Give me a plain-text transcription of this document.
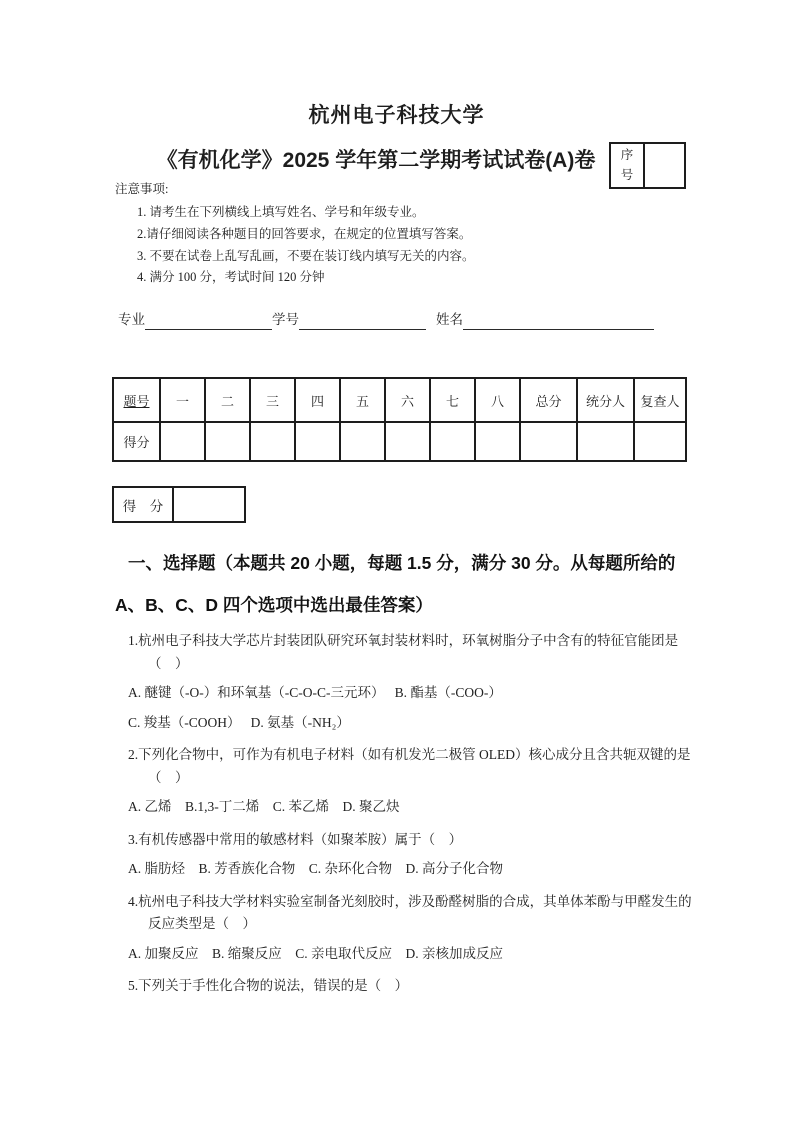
杭州电子科技大学
《有机化学》2025 学年第二学期考试试卷(A)卷	序
号
注意事项:
1. 请考生在下列横线上填写姓名、学号和年级专业。
2.请仔细阅读各种题目的回答要求，在规定的位置填写答案。
3. 不要在试卷上乱写乱画，不要在装订线内填写无关的内容。
4. 满分 100 分，考试时间 120 分钟
专业	学号	姓名
题号	一	二	三	四	五	六	七	八	总分	统分人	复查人
得分											
得　分
一、选择题（本题共 20 小题，每题 1.5 分，满分 30 分。从每题所给的 A、B、C、D 四个选项中选出最佳答案）
1.杭州电子科技大学芯片封装团队研究环氧封装材料时，环氧树脂分子中含有的特征官能团是（　）
A. 醚键（-O-）和环氧基（-C-O-C-三元环）　 B. 酯基（-COO-）
C. 羧基（-COOH）　 D. 氨基（-NH₂）
2.下列化合物中，可作为有机电子材料（如有机发光二极管 OLED）核心成分且含共轭双键的是（　）
A. 乙烯　B.1,3-丁二烯　C. 苯乙烯　D. 聚乙炔
3.有机传感器中常用的敏感材料（如聚苯胺）属于（　）
A. 脂肪烃　B. 芳香族化合物　C. 杂环化合物　D. 高分子化合物
4.杭州电子科技大学材料实验室制备光刻胶时，涉及酚醛树脂的合成，其单体苯酚与甲醛发生的反应类型是（　）
A. 加聚反应　B. 缩聚反应　C. 亲电取代反应　D. 亲核加成反应
5.下列关于手性化合物的说法，错误的是（　）
